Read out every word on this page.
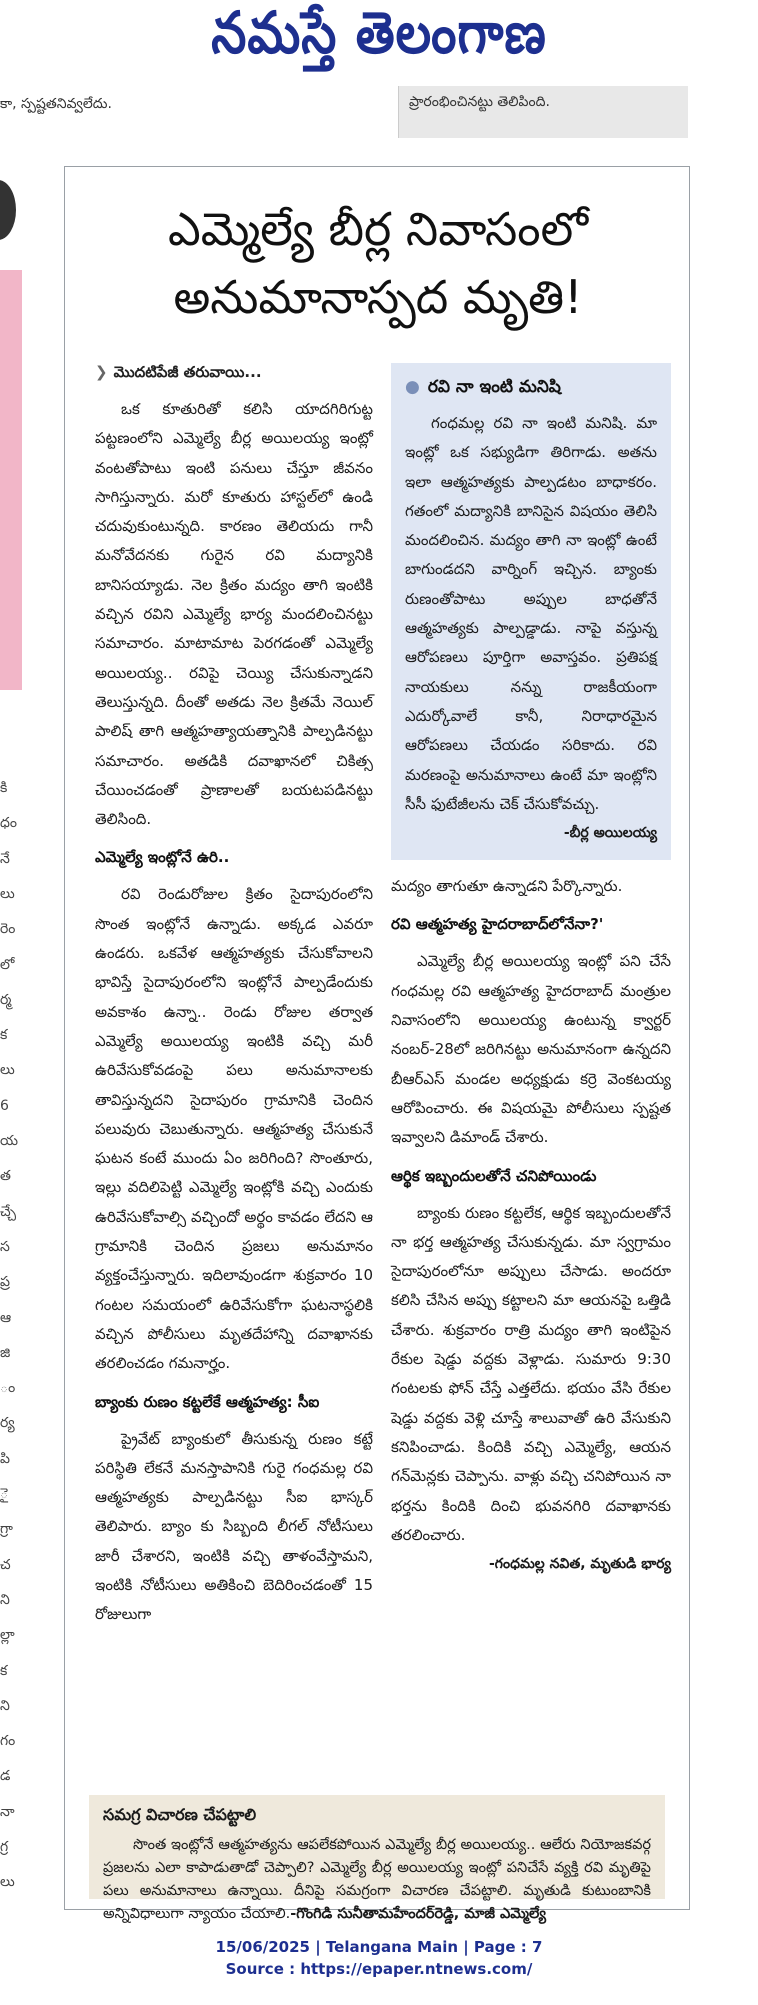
నమస్తే తెలంగాణ
కా, స్పష్టతనివ్వలేదు.	ప్రారంభించినట్టు తెలిపింది.
కి
ధం
నే
లు
రెం
లో
ర్మ
క
లు
6
య
త
చ్చే
స
ప్ర
ఆ
జి
ం
ర్య
పి
ై
గ్రా
చ
ని
ల్లా
క
ని
గం
డ
నా
గ్ర
లు
ఎమ్మెల్యే బీర్ల నివాసంలో
అనుమానాస్పద మృతి!
❯ మొదటిపేజీ తరువాయి...

ఒక కూతురితో కలిసి యాదగిరిగుట్ట పట్టణంలోని ఎమ్మెల్యే బీర్ల అయిలయ్య ఇంట్లో వంటతోపాటు ఇంటి పనులు చేస్తూ జీవనం సాగిస్తున్నారు. మరో కూతురు హాస్టల్‌లో ఉండి చదువుకుంటున్నది. కారణం తెలియదు గానీ మనోవేదనకు గురైన రవి మద్యానికి బానిసయ్యాడు. నెల క్రితం మద్యం తాగి ఇంటికి వచ్చిన రవిని ఎమ్మెల్యే భార్య మందలించినట్టు సమాచారం. మాటామాట పెరగడంతో ఎమ్మెల్యే అయిలయ్య.. రవిపై చెయ్యి చేసుకున్నాడని తెలుస్తున్నది. దీంతో అతడు నెల క్రితమే నెయిల్ పాలిష్ తాగి ఆత్మహత్యాయత్నానికి పాల్పడినట్టు సమాచారం. అతడికి దవాఖానలో చికిత్స చేయించడంతో ప్రాణాలతో బయటపడినట్టు తెలిసింది.

ఎమ్మెల్యే ఇంట్లోనే ఉరి..

రవి రెండురోజుల క్రితం సైదాపురంలోని సొంత ఇంట్లోనే ఉన్నాడు. అక్కడ ఎవరూ ఉండరు. ఒకవేళ ఆత్మహత్యకు చేసుకోవాలని భావిస్తే సైదాపురంలోని ఇంట్లోనే పాల్పడేందుకు అవకాశం ఉన్నా.. రెండు రోజుల తర్వాత ఎమ్మెల్యే అయిలయ్య ఇంటికి వచ్చి మరీ ఉరివేసుకోవడంపై పలు అనుమానాలకు తావిస్తున్నదని సైదాపురం గ్రామానికి చెందిన పలువురు చెబుతున్నారు. ఆత్మహత్య చేసుకునే ఘటన కంటే ముందు ఏం జరిగింది? సొంతూరు, ఇల్లు వదిలిపెట్టి ఎమ్మెల్యే ఇంట్లోకి వచ్చి ఎందుకు ఉరివేసుకోవాల్సి వచ్చిందో అర్థం కావడం లేదని ఆ గ్రామానికి చెందిన ప్రజలు అనుమానం వ్యక్తంచేస్తున్నారు. ఇదిలావుండగా శుక్రవారం 10 గంటల సమయంలో ఉరివేసుకోగా ఘటనాస్థలికి వచ్చిన పోలీసులు మృతదేహాన్ని దవాఖానకు తరలించడం గమనార్హం.

బ్యాంకు రుణం కట్టలేకే ఆత్మహత్య: సీఐ

ప్రైవేట్ బ్యాంకులో తీసుకున్న రుణం కట్టే పరిస్థితి లేకనే మనస్తాపానికి గురై గంధమల్ల రవి ఆత్మహత్యకు పాల్పడినట్టు సీఐ భాస్కర్ తెలిపారు. బ్యాం కు సిబ్బంది లీగల్ నోటీసులు జారీ చేశారని, ఇంటికి వచ్చి తాళంవేస్తామని, ఇంటికి నోటీసులు అతికించి బెదిరించడంతో 15 రోజులుగా

● రవి నా ఇంటి మనిషి

గంధమల్ల రవి నా ఇంటి మనిషి. మా ఇంట్లో ఒక సభ్యుడిగా తిరిగాడు. అతను ఇలా ఆత్మహత్యకు పాల్పడటం బాధాకరం. గతంలో మద్యానికి బానిసైన విషయం తెలిసి మందలించిన. మద్యం తాగి నా ఇంట్లో ఉంటే బాగుండదని వార్నింగ్ ఇచ్చిన. బ్యాంకు రుణంతోపాటు అప్పుల బాధతోనే ఆత్మహత్యకు పాల్పడ్డాడు. నాపై వస్తున్న ఆరోపణలు పూర్తిగా అవాస్తవం. ప్రతిపక్ష నాయకులు నన్ను రాజకీయంగా ఎదుర్కోవాలే కానీ, నిరాధారమైన ఆరోపణలు చేయడం సరికాదు. రవి మరణంపై అనుమానాలు ఉంటే మా ఇంట్లోని సీసీ ఫుటేజీలను చెక్ చేసుకోవచ్చు.

-బీర్ల అయిలయ్య

మద్యం తాగుతూ ఉన్నాడని పేర్కొన్నారు.

రవి ఆత్మహత్య హైదరాబాద్‌లోనేనా?'

ఎమ్మెల్యే బీర్ల అయిలయ్య ఇంట్లో పని చేసే గంధమల్ల రవి ఆత్మహత్య హైదరాబాద్ మంత్రుల నివాసంలోని అయిలయ్య ఉంటున్న క్వార్టర్ నంబర్-28లో జరిగినట్టు అనుమానంగా ఉన్నదని బీఆర్‌ఎస్ మండల అధ్యక్షుడు కర్రె వెంకటయ్య ఆరోపించారు. ఈ విషయమై పోలీసులు స్పష్టత ఇవ్వాలని డిమాండ్ చేశారు.

ఆర్థిక ఇబ్బందులతోనే చనిపోయిండు

బ్యాంకు రుణం కట్టలేక, ఆర్థిక ఇబ్బందులతోనే నా భర్త ఆత్మహత్య చేసుకున్నడు. మా స్వగ్రామం సైదాపురంలోనూ అప్పులు చేసాడు. అందరూ కలిసి చేసిన అప్పు కట్టాలని మా ఆయనపై ఒత్తిడి చేశారు. శుక్రవారం రాత్రి మద్యం తాగి ఇంటిపైన రేకుల షెడ్డు వద్దకు వెళ్లాడు. సుమారు 9:30 గంటలకు ఫోన్ చేస్తే ఎత్తలేదు. భయం వేసి రేకుల షెడ్డు వద్దకు వెళ్లి చూస్తే శాలువాతో ఉరి వేసుకుని కనిపించాడు. కిందికి వచ్చి ఎమ్మెల్యే, ఆయన గన్‌మెన్లకు చెప్పాను. వాళ్లు వచ్చి చనిపోయిన నా భర్తను కిందికి దించి భువనగిరి దవాఖానకు తరలించారు.

-గంధమల్ల నవిత, మృతుడి భార్య
సమగ్ర విచారణ చేపట్టాలి

సొంత ఇంట్లోనే ఆత్మహత్యను ఆపలేకపోయిన ఎమ్మెల్యే బీర్ల అయిలయ్య.. ఆలేరు నియోజకవర్గ ప్రజలను ఎలా కాపాడుతాడో చెప్పాలి? ఎమ్మెల్యే బీర్ల అయిలయ్య ఇంట్లో పనిచేసే వ్యక్తి రవి మృతిపై పలు అనుమానాలు ఉన్నాయి. దీనిపై సమగ్రంగా విచారణ చేపట్టాలి. మృతుడి కుటుంబానికి అన్నివిధాలుగా న్యాయం చేయాలి.-గొంగిడి సునీతామహేందర్‌రెడ్డి, మాజీ ఎమ్మెల్యే

15/06/2025 | Telangana Main | Page : 7
Source : https://epaper.ntnews.com/
